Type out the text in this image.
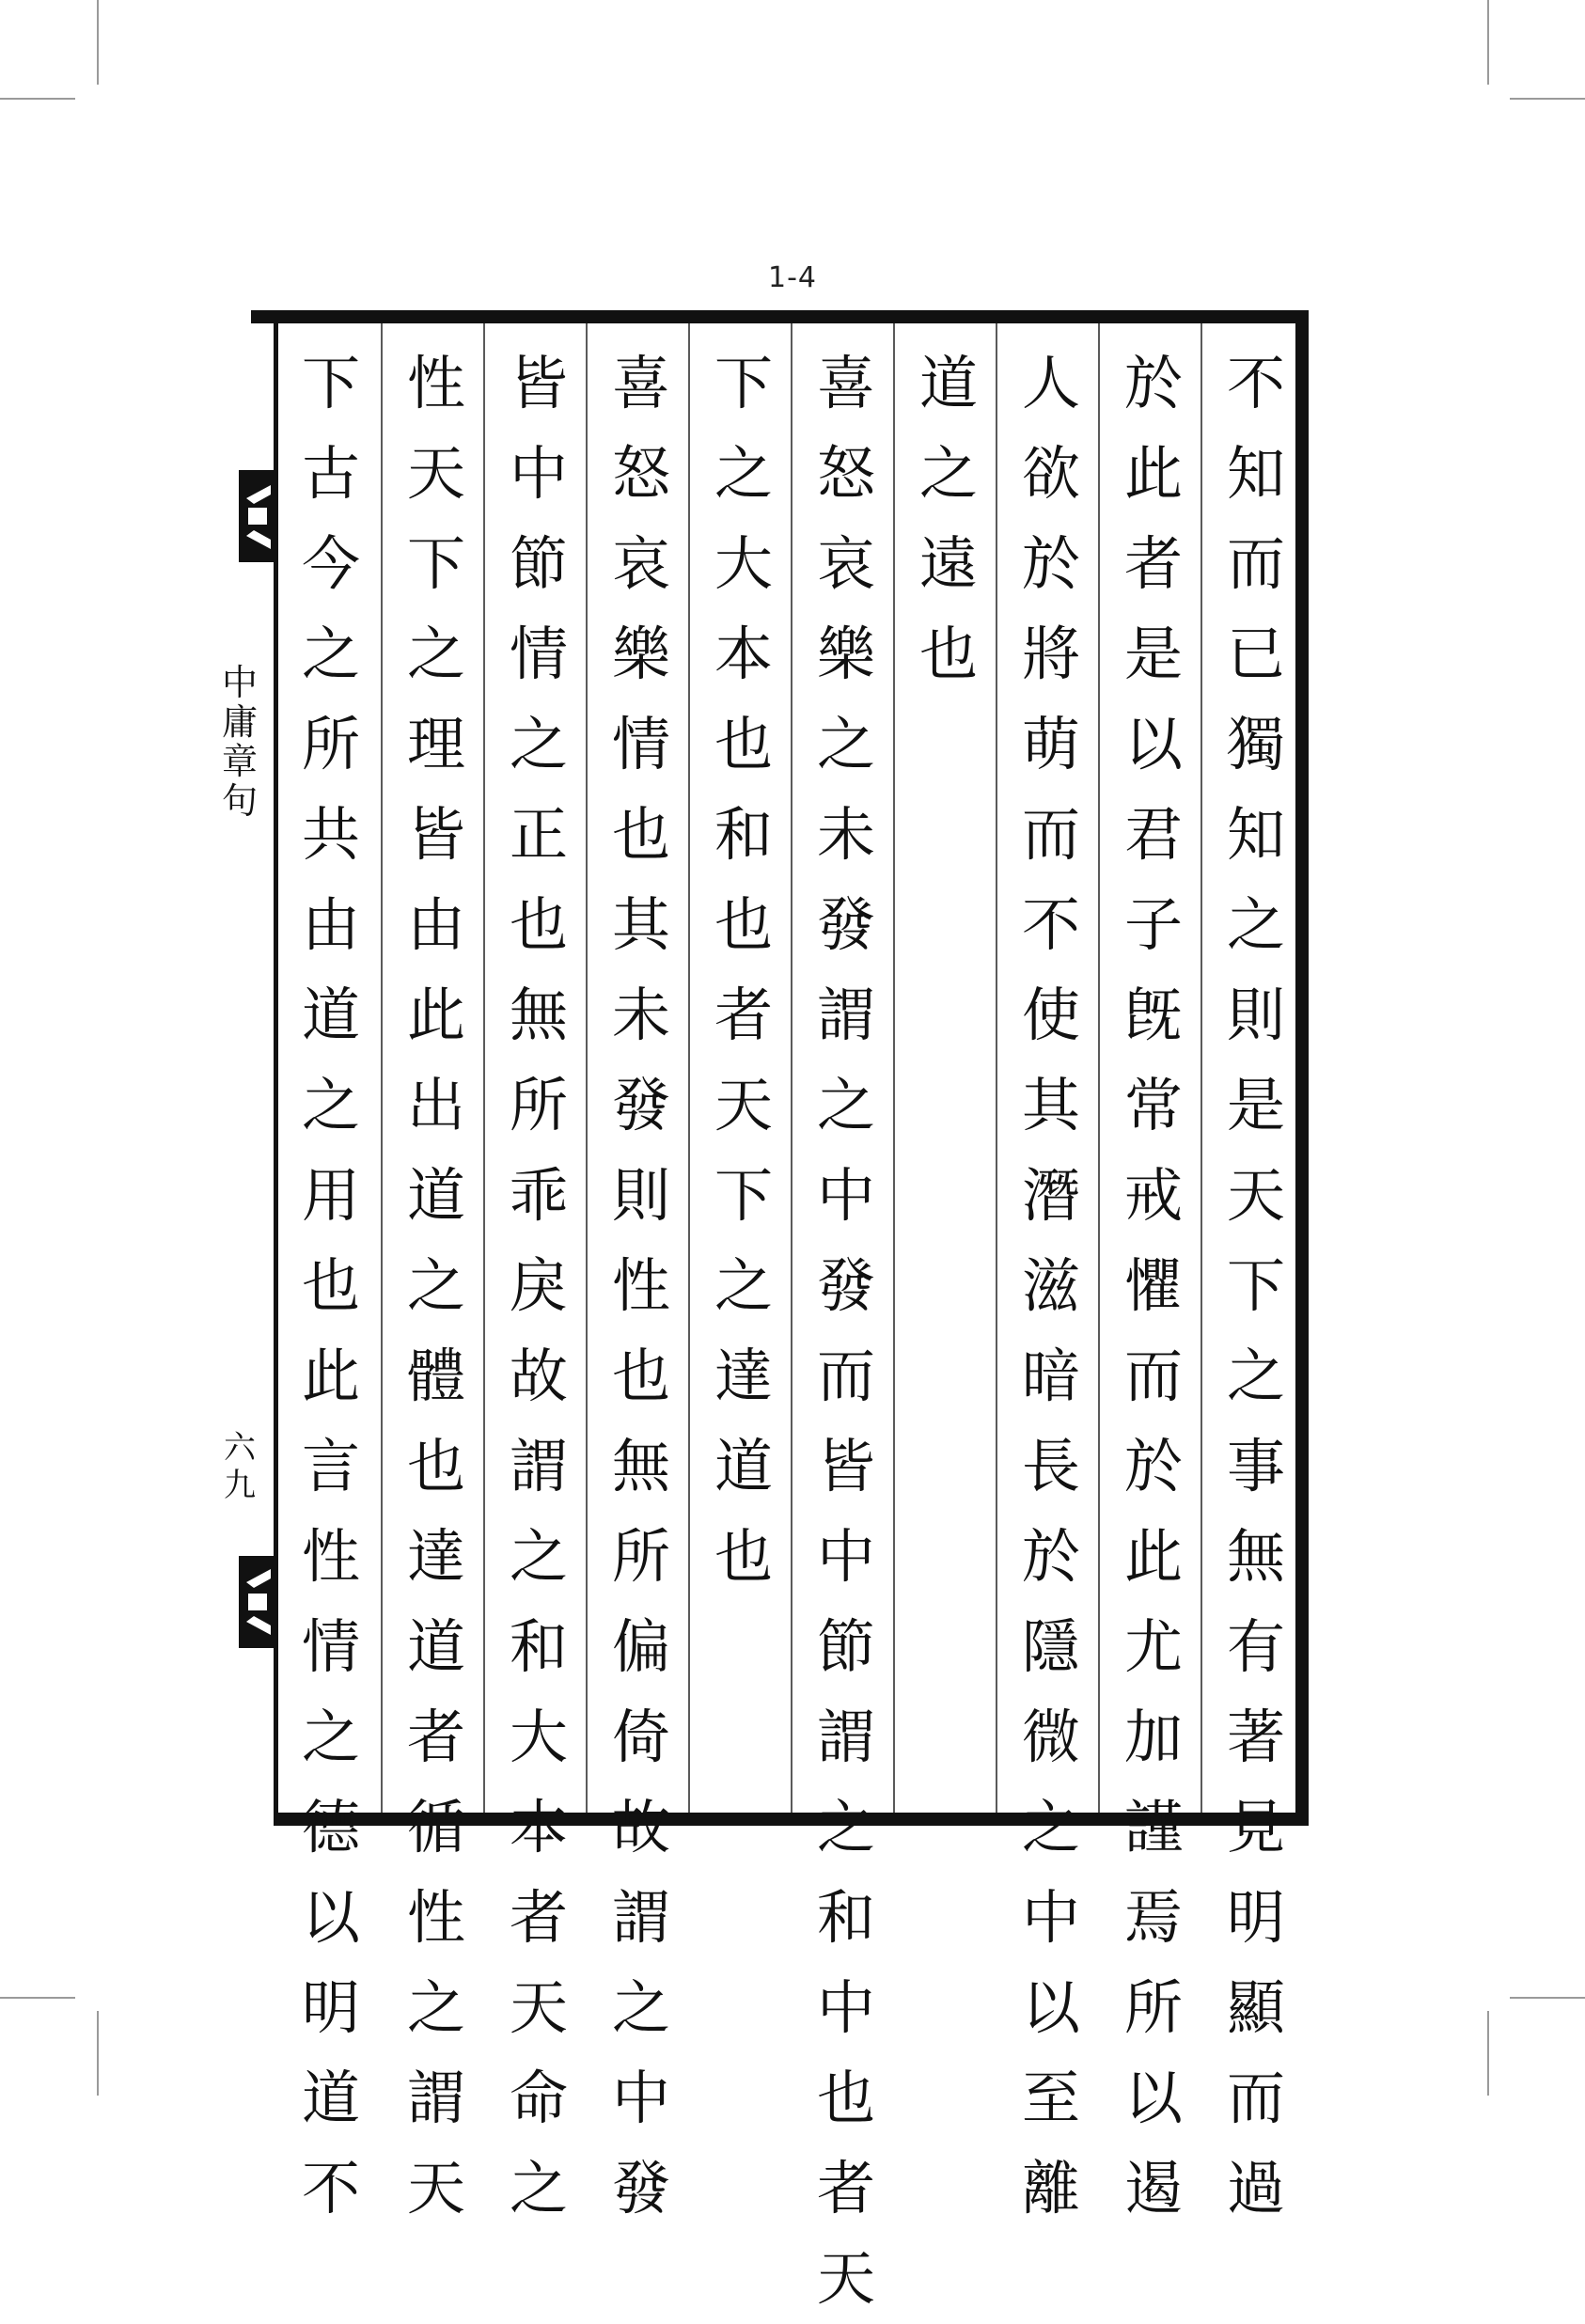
1-4
不
知
而
已
獨
知
之
則
是
天
下
之
事
無
有
著
見
明
顯
而
過
於
此
者
是
以
君
子
旣
常
戒
懼
而
於
此
尤
加
謹
焉
所
以
遏
人
欲
於
將
萌
而
不
使
其
潛
滋
暗
長
於
隱
微
之
中
以
至
離
道
之
遠
也
喜
怒
哀
樂
之
未
發
謂
之
中
發
而
皆
中
節
謂
之
和
中
也
者
天
下
之
大
本
也
和
也
者
天
下
之
達
道
也
喜
怒
哀
樂
情
也
其
未
發
則
性
也
無
所
偏
倚
故
謂
之
中
發
皆
中
節
情
之
正
也
無
所
乖
戾
故
謂
之
和
大
本
者
天
命
之
性
天
下
之
理
皆
由
此
出
道
之
體
也
達
道
者
循
性
之
謂
天
下
古
今
之
所
共
由
道
之
用
也
此
言
性
情
之
德
以
明
道
不
中
庸
章
句
六
九
